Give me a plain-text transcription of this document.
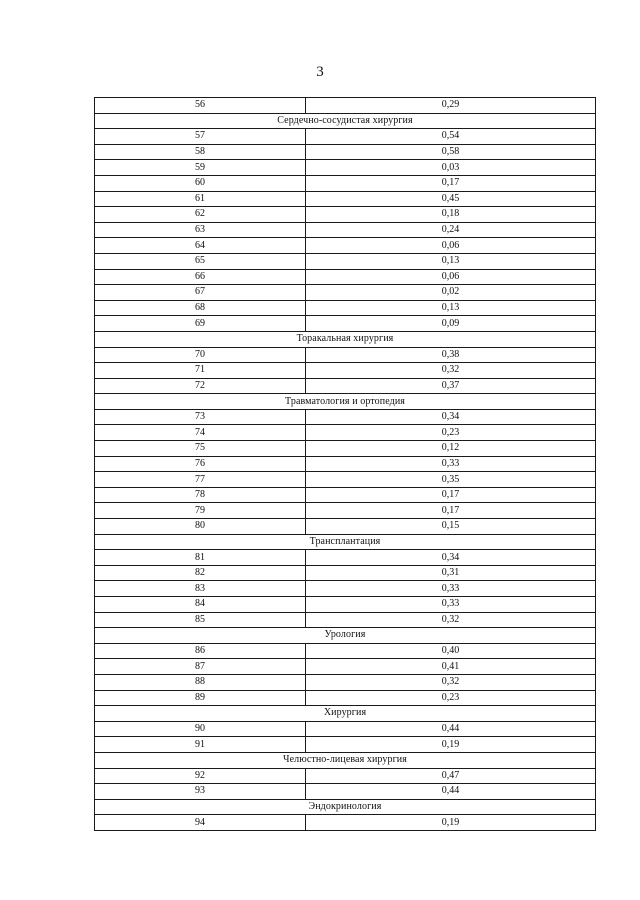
3
56	0,29
Сердечно-сосудистая хирургия	
57	0,54
58	0,58
59	0,03
60	0,17
61	0,45
62	0,18
63	0,24
64	0,06
65	0,13
66	0,06
67	0,02
68	0,13
69	0,09
Торакальная хирургия	
70	0,38
71	0,32
72	0,37
Травматология и ортопедия	
73	0,34
74	0,23
75	0,12
76	0,33
77	0,35
78	0,17
79	0,17
80	0,15
Трансплантация	
81	0,34
82	0,31
83	0,33
84	0,33
85	0,32
Урология	
86	0,40
87	0,41
88	0,32
89	0,23
Хирургия	
90	0,44
91	0,19
Челюстно-лицевая хирургия	
92	0,47
93	0,44
Эндокринология	
94	0,19
